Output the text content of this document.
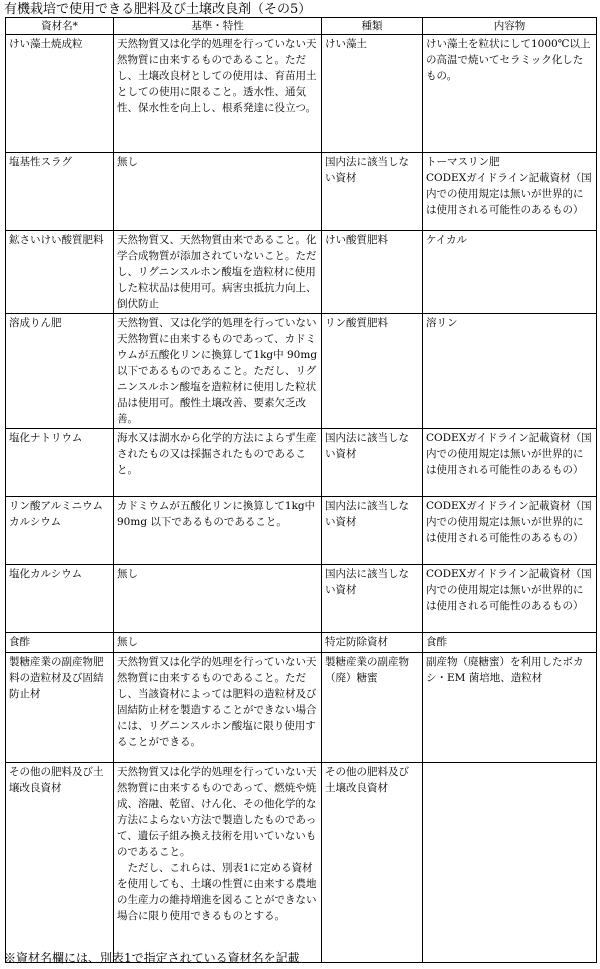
有機栽培で使用できる肥料及び土壌改良剤（その5）
資材名*	基準・特性	種類	内容物

けい藻土焼成粒	天然物質又は化学的処理を行っていない天然物質に由来するものであること。ただし、土壌改良材としての使用は、育苗用土としての使用に限ること。透水性、通気性、保水性を向上し、根系発達に役立つ。	けい藻土	けい藻土を粒状にして1000℃以上の高温で焼いてセラミック化したもの。

塩基性スラグ	無し	国内法に該当しない資材	トーマスリン肥
CODEXガイドライン記載資材（国内での使用規定は無いが世界的には使用される可能性のあるもの）

鉱さいけい酸質肥料	天然物質又、天然物質由来であること。化学合成物質が添加されていないこと。ただし、リグニンスルホン酸塩を造粒材に使用した粒状品は使用可。病害虫抵抗力向上、倒伏防止	けい酸質肥料	ケイカル

溶成りん肥	天然物質、又は化学的処理を行っていない天然物質に由来するものであって、カドミウムが五酸化リンに換算して1kg中 90mg 以下であるものであること。ただし、リグニンスルホン酸塩を造粒材に使用した粒状品は使用可。酸性土壌改善、要素欠乏改善。	リン酸質肥料	溶リン

塩化ナトリウム	海水又は湖水から化学的方法によらず生産されたもの又は採掘されたものであること。	国内法に該当しない資材	CODEXガイドライン記載資材（国内での使用規定は無いが世界的には使用される可能性のあるもの）

リン酸アルミニウムカルシウム	カドミウムが五酸化リンに換算して1kg中 90mg 以下であるものであること。	国内法に該当しない資材	CODEXガイドライン記載資材（国内での使用規定は無いが世界的には使用される可能性のあるもの）

塩化カルシウム	無し	国内法に該当しない資材	CODEXガイドライン記載資材（国内での使用規定は無いが世界的には使用される可能性のあるもの）

食酢	無し	特定防除資材	食酢

製糖産業の副産物肥料の造粒材及び固結防止材	天然物質又は化学的処理を行っていない天然物質に由来するものであること。ただし、当該資材によっては肥料の造粒材及び固結防止材を製造することができない場合には、リグニンスルホン酸塩に限り使用することができる。	製糖産業の副産物（廃）糖蜜	副産物（廃糖蜜）を利用したボカシ・EM 菌培地、造粒材

その他の肥料及び土壌改良資材	天然物質又は化学的処理を行っていない天然物質に由来するものであって、燃焼や焼成、溶融、乾留、けん化、その他化学的な方法によらない方法で製造したものであって、遺伝子組み換え技術を用いていないものであること。
　ただし、これらは、別表1に定める資材を使用しても、土壌の性質に由来する農地の生産力の維持増進を図ることができない場合に限り使用できるものとする。	その他の肥料及び土壌改良資材	

※資材名欄には、別表1で指定されている資材名を記載
